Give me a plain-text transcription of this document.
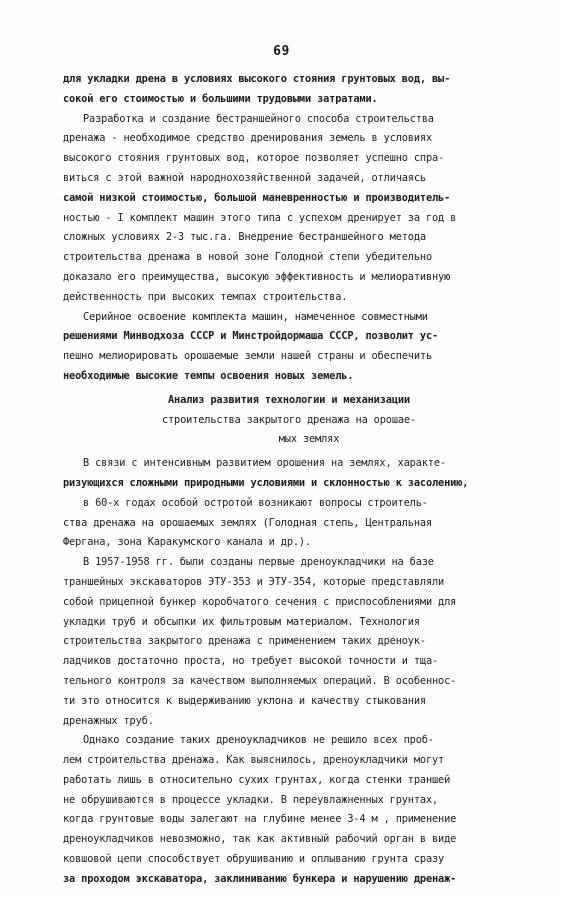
69
для укладки дрена в условиях высокого стояния грунтовых вод, вы-
сокой его стоимостью и большими трудовыми затратами.
Разработка и создание бестраншейного способа строительства
дренажа - необходимое средство дренирования земель в условиях
высокого стояния грунтовых вод, которое позволяет успешно спра-
виться с этой важной народнохозяйственной задачей, отличаясь
самой низкой стоимостью, большой маневренностью и производитель-
ностью - I комплект машин этого типа с успехом дренирует за год в
сложных условиях 2-3 тыс.га. Внедрение бестраншейного метода
строительства дренажа в новой зоне Голодной степи убедительно
доказало его преимущества, высокую эффективность и мелиоративную
действенность при высоких темпах строительства.
Серийное освоение комплекта машин, намеченное совместными
решениями Минводхоза СССР и Минстройдормаша СССР, позволит ус-
пешно мелиорировать орошаемые земли нашей страны и обеспечить
необходимые высокие темпы освоения новых земель.
Анализ развития технологии и механизации
строительства закрытого дренажа на орошае-
мых землях
В связи с интенсивным развитием орошения на землях, характе-
ризующихся сложными природными условиями и склонностью к засолению,
в 60-х годах особой остротой возникают вопросы строитель-
ства дренажа на орошаемых землях (Голодная степь, Центральная
Фергана, зона Каракумского канала и др.).
В 1957-1958 гг. были созданы первые дреноукладчики на базе
траншейных экскаваторов ЭТУ-353 и ЭТУ-354, которые представляли
собой прицепной бункер коробчатого сечения с приспособлениями для
укладки труб и обсыпки их фильтровым материалом. Технология
строительства закрытого дренажа с применением таких дреноук-
ладчиков достаточно проста, но требует высокой точности и тща-
тельного контроля за качеством выполняемых операций. В особеннос-
ти это относится к выдерживанию уклона и качеству стыкования
дренажных труб.
Однако создание таких дреноукладчиков не решило всех проб-
лем строительства дренажа. Как выяснилось, дреноукладчики могут
работать лишь в относительно сухих грунтах, когда стенки траншей
не обрушиваются в процессе укладки. В переувлажненных грунтах,
когда грунтовые воды залегают на глубине менее 3-4 м , применение
дреноукладчиков невозможно, так как активный рабочий орган в виде
ковшовой цепи способствует обрушиванию и оплыванию грунта сразу
за проходом экскаватора, заклиниванию бункера и нарушению дренаж-
